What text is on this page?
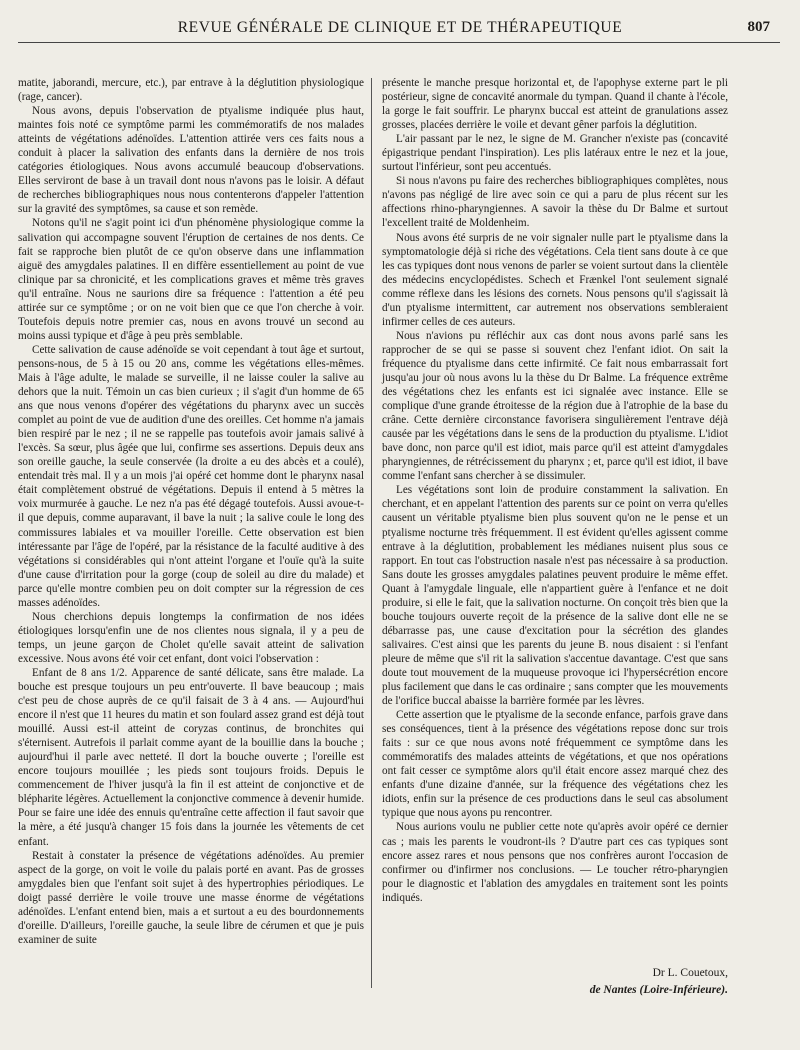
REVUE GÉNÉRALE DE CLINIQUE ET DE THÉRAPEUTIQUE	807

matite, jaborandi, mercure, etc.), par entrave à la déglutition physiologique (rage, cancer).

Nous avons, depuis l'observation de ptyalisme indiquée plus haut, maintes fois noté ce symptôme parmi les commémoratifs de nos malades atteints de végétations adénoïdes. L'attention attirée vers ces faits nous a conduit à placer la salivation des enfants dans la dernière de nos trois catégories étiologiques. Nous avons accumulé beaucoup d'observations. Elles serviront de base à un travail dont nous n'avons pas le loisir. A défaut de recherches bibliographiques nous nous contenterons d'appeler l'attention sur la gravité des symptômes, sa cause et son remède.

Notons qu'il ne s'agit point ici d'un phénomène physiologique comme la salivation qui accompagne souvent l'éruption de certaines de nos dents. Ce fait se rapproche bien plutôt de ce qu'on observe dans une inflammation aiguë des amygdales palatines. Il en diffère essentiellement au point de vue clinique par sa chronicité, et les complications graves et même très graves qu'il entraîne. Nous ne saurions dire sa fréquence : l'attention a été peu attirée sur ce symptôme ; or on ne voit bien que ce que l'on cherche à voir. Toutefois depuis notre premier cas, nous en avons trouvé un second au moins aussi typique et d'âge à peu près semblable.

Cette salivation de cause adénoïde se voit cependant à tout âge et surtout, pensons-nous, de 5 à 15 ou 20 ans, comme les végétations elles-mêmes. Mais à l'âge adulte, le malade se surveille, il ne laisse couler la salive au dehors que la nuit. Témoin un cas bien curieux ; il s'agit d'un homme de 65 ans que nous venons d'opérer des végétations du pharynx avec un succès complet au point de vue de audition d'une des oreilles. Cet homme n'a jamais bien respiré par le nez ; il ne se rappelle pas toutefois avoir jamais salivé à l'excès. Sa sœur, plus âgée que lui, confirme ses assertions. Depuis deux ans son oreille gauche, la seule conservée (la droite a eu des abcès et a coulé), entendait très mal. Il y a un mois j'ai opéré cet homme dont le pharynx nasal était complètement obstrué de végétations. Depuis il entend à 5 mètres la voix murmurée à gauche. Le nez n'a pas été dégagé toutefois. Aussi avoue-t-il que depuis, comme auparavant, il bave la nuit ; la salive coule le long des commissures labiales et va mouiller l'oreille. Cette observation est bien intéressante par l'âge de l'opéré, par la résistance de la faculté auditive à des végétations si considérables qui n'ont atteint l'organe et l'ouïe qu'à la suite d'une cause d'irritation pour la gorge (coup de soleil au dire du malade) et parce qu'elle montre combien peu on doit compter sur la régression de ces masses adénoïdes.

Nous cherchions depuis longtemps la confirmation de nos idées étiologiques lorsqu'enfin une de nos clientes nous signala, il y a peu de temps, un jeune garçon de Cholet qu'elle savait atteint de salivation excessive. Nous avons été voir cet enfant, dont voici l'observation :

Enfant de 8 ans 1/2. Apparence de santé délicate, sans être malade. La bouche est presque toujours un peu entr'ouverte. Il bave beaucoup ; mais c'est peu de chose auprès de ce qu'il faisait de 3 à 4 ans. — Aujourd'hui encore il n'est que 11 heures du matin et son foulard assez grand est déjà tout mouillé. Aussi est-il atteint de coryzas continus, de bronchites qui s'éternisent. Autrefois il parlait comme ayant de la bouillie dans la bouche ; aujourd'hui il parle avec netteté. Il dort la bouche ouverte ; l'oreille est encore toujours mouillée ; les pieds sont toujours froids. Depuis le commencement de l'hiver jusqu'à la fin il est atteint de conjonctive et de blépharite légères. Actuellement la conjonctive commence à devenir humide. Pour se faire une idée des ennuis qu'entraîne cette affection il faut savoir que la mère, a été jusqu'à changer 15 fois dans la journée les vêtements de cet enfant.

Restait à constater la présence de végétations adénoïdes. Au premier aspect de la gorge, on voit le voile du palais porté en avant. Pas de grosses amygdales bien que l'enfant soit sujet à des hypertrophies périodiques. Le doigt passé derrière le voile trouve une masse énorme de végétations adénoïdes. L'enfant entend bien, mais a et surtout a eu des bourdonnements d'oreille. D'ailleurs, l'oreille gauche, la seule libre de cérumen et que je puis examiner de suite

présente le manche presque horizontal et, de l'apophyse externe part le pli postérieur, signe de concavité anormale du tympan. Quand il chante à l'école, la gorge le fait souffrir. Le pharynx buccal est atteint de granulations assez grosses, placées derrière le voile et devant gêner parfois la déglutition.

L'air passant par le nez, le signe de M. Grancher n'existe pas (concavité épigastrique pendant l'inspiration). Les plis latéraux entre le nez et la joue, surtout l'inférieur, sont peu accentués.

Si nous n'avons pu faire des recherches bibliographiques complètes, nous n'avons pas négligé de lire avec soin ce qui a paru de plus récent sur les affections rhino-pharyngiennes. A savoir la thèse du Dr Balme et surtout l'excellent traité de Moldenheim.

Nous avons été surpris de ne voir signaler nulle part le ptyalisme dans la symptomatologie déjà si riche des végétations. Cela tient sans doute à ce que les cas typiques dont nous venons de parler se voient surtout dans la clientèle des médecins encyclopédistes. Schech et Frænkel l'ont seulement signalé comme réflexe dans les lésions des cornets. Nous pensons qu'il s'agissait là d'un ptyalisme intermittent, car autrement nos observations sembleraient infirmer celles de ces auteurs.

Nous n'avions pu réfléchir aux cas dont nous avons parlé sans les rapprocher de se qui se passe si souvent chez l'enfant idiot. On sait la fréquence du ptyalisme dans cette infirmité. Ce fait nous embarrassait fort jusqu'au jour où nous avons lu la thèse du Dr Balme. La fréquence extrême des végétations chez les enfants est ici signalée avec instance. Elle se complique d'une grande étroitesse de la région due à l'atrophie de la base du crâne. Cette dernière circonstance favorisera singulièrement l'entrave déjà causée par les végétations dans le sens de la production du ptyalisme. L'idiot bave donc, non parce qu'il est idiot, mais parce qu'il est atteint d'amygdales pharyngiennes, de rétrécissement du pharynx ; et, parce qu'il est idiot, il bave comme l'enfant sans chercher à se dissimuler.

Les végétations sont loin de produire constamment la salivation. En cherchant, et en appelant l'attention des parents sur ce point on verra qu'elles causent un véritable ptyalisme bien plus souvent qu'on ne le pense et un ptyalisme nocturne très fréquemment. Il est évident qu'elles agissent comme entrave à la déglutition, probablement les médianes nuisent plus sous ce rapport. En tout cas l'obstruction nasale n'est pas nécessaire à sa production. Sans doute les grosses amygdales palatines peuvent produire le même effet. Quant à l'amygdale linguale, elle n'appartient guère à l'enfance et ne doit produire, si elle le fait, que la salivation nocturne. On conçoit très bien que la bouche toujours ouverte reçoit de la présence de la salive dont elle ne se débarrasse pas, une cause d'excitation pour la sécrétion des glandes salivaires. C'est ainsi que les parents du jeune B. nous disaient : si l'enfant pleure de même que s'il rit la salivation s'accentue davantage. C'est que sans doute tout mouvement de la muqueuse provoque ici l'hypersécrétion encore plus facilement que dans le cas ordinaire ; sans compter que les mouvements de l'orifice buccal abaisse la barrière formée par les lèvres.

Cette assertion que le ptyalisme de la seconde enfance, parfois grave dans ses conséquences, tient à la présence des végétations repose donc sur trois faits : sur ce que nous avons noté fréquemment ce symptôme dans les commémoratifs des malades atteints de végétations, et que nos opérations ont fait cesser ce symptôme alors qu'il était encore assez marqué chez des enfants d'une dizaine d'année, sur la fréquence des végétations chez les idiots, enfin sur la présence de ces productions dans le seul cas absolument typique que nous ayons pu rencontrer.

Nous aurions voulu ne publier cette note qu'après avoir opéré ce dernier cas ; mais les parents le voudront-ils ? D'autre part ces cas typiques sont encore assez rares et nous pensons que nos confrères auront l'occasion de confirmer ou d'infirmer nos conclusions. — Le toucher rétro-pharyngien pour le diagnostic et l'ablation des amygdales en traitement sont les points indiqués.

Dr L. Couetoux,
de Nantes (Loire-Inférieure).
